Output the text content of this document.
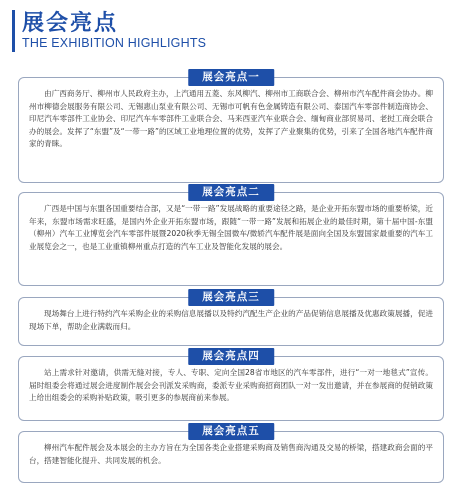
展会亮点
THE EXHIBITION HIGHLIGHTS
展会亮点一

由广西商务厅、柳州市人民政府主办，上汽通用五菱、东风柳汽、柳州市工商联合会、柳州市汽车配件商会协办。柳州市柳德会展服务有限公司、无锡惠山泵业有限公司、无锡市可帆有色金属铸造有限公司、泰国汽车零部件制造商协会、印尼汽车零部件工业协会、印尼汽车车零部件工业联合会、马来西亚汽车业联合会、缅甸商业部贸易司、老挝工商会联合办的展会。发挥了“东盟”及“一带一路”的区域工业地理位置的优势，发挥了产业聚集的优势，引来了全国各地汽车配件商家的青睐。

展会亮点二

广西是中国与东盟各国重要结合部，又是“一带一路”发展战略的重要途径之路，是企业开拓东盟市场的重要桥梁，近年来，东盟市场需求旺盛，是国内外企业开拓东盟市场，跟随“一带一路”发展和拓展企业的最佳时期，第十届中国-东盟（柳州）汽车工业博览会汽车零部件展暨2020秋季无锡全国微车/微轿汽车配件展是面向全国及东盟国家最重要的汽车工业展览会之一，也是工业重镇柳州重点打造的汽车工业及智能化发展的展会。

展会亮点三

现场舞台上进行特约汽车采购企业的采购信息展播以及特约汽配生产企业的产品促销信息展播及优惠政策展播，促进现场下单，帮助企业满载而归。

展会亮点四

站上需求针对邀请，供需无缝对接，专人、专职、定向全国28省市地区的汽车零部件，进行“一对一地毯式”宣传。届时组委会将通过展会进度制作展会会刊派发采购商，委派专业采购商招商团队一对一发出邀请，并在参展商的促销政策上给出组委会的采购补贴政策，吸引更多的参展商前来参展。

展会亮点五

柳州汽车配件展会及本展会的主办方旨在为全国各类企业搭建采购商及销售商沟通及交易的桥梁，搭建政商会面的平台，搭建智能化提升、共同发展的机会。
